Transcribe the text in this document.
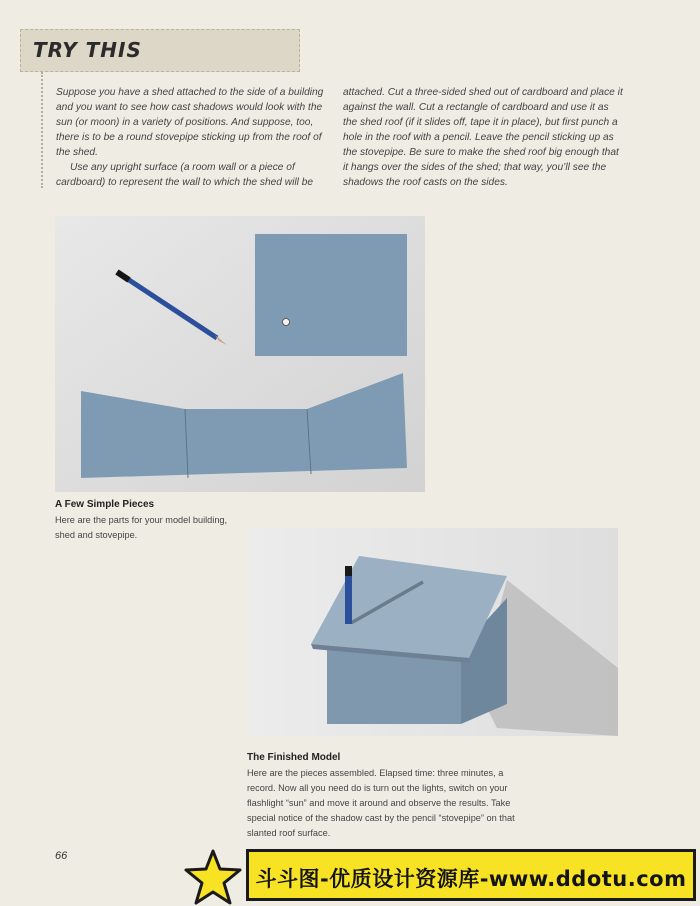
TRY THIS

Suppose you have a shed attached to the side of a building and you want to see how cast shadows would look with the sun (or moon) in a variety of positions. And suppose, too, there is to be a round stovepipe sticking up from the roof of the shed.

Use any upright surface (a room wall or a piece of cardboard) to represent the wall to which the shed will be

attached. Cut a three-sided shed out of cardboard and place it against the wall. Cut a rectangle of cardboard and use it as the shed roof (if it slides off, tape it in place), but first punch a hole in the roof with a pencil. Leave the pencil sticking up as the stovepipe. Be sure to make the shed roof big enough that it hangs over the sides of the shed; that way, you’ll see the shadows the roof casts on the sides.

A Few Simple Pieces
Here are the parts for your model building, shed and stovepipe.
The Finished Model
Here are the pieces assembled. Elapsed time: three minutes, a record. Now all you need do is turn out the lights, switch on your flashlight “sun” and move it around and observe the results. Take special notice of the shadow cast by the pencil “stovepipe” on that slanted roof surface.
66
斗斗图-优质设计资源库-www.ddotu.com
